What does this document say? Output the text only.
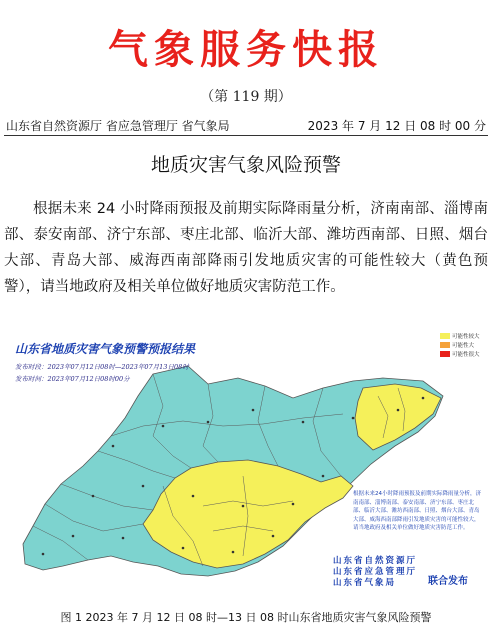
气象服务快报
（第 119 期）
山东省自然资源厅 省应急管理厅 省气象局	2023 年 7 月 12 日 08 时 00 分
地质灾害气象风险预警
根据未来 24 小时降雨预报及前期实际降雨量分析，济南南部、淄博南部、泰安南部、济宁东部、枣庄北部、临沂大部、潍坊西南部、日照、烟台大部、青岛大部、威海西南部降雨引发地质灾害的可能性较大（黄色预警），请当地政府及相关单位做好地质灾害防范工作。
山东省地质灾害气象预警预报结果
发布时段：2023年07月12日08时—2023年07月13日08时
发布时间：2023年07月12日08时00分
可能性较大
可能性大
可能性很大
根据未来24小时降雨预报及前期实际降雨量分析，济南南部、淄博南部、泰安南部、济宁东部、枣庄北部、临沂大部、潍坊西南部、日照、烟台大部、青岛大部、威海西南部降雨引发地质灾害的可能性较大，请当地政府及相关单位做好地质灾害防范工作。
山东省自然资源厅
山东省应急管理厅
山东省气象局	联合发布
图 1 2023 年 7 月 12 日 08 时—13 日 08 时山东省地质灾害气象风险预警
